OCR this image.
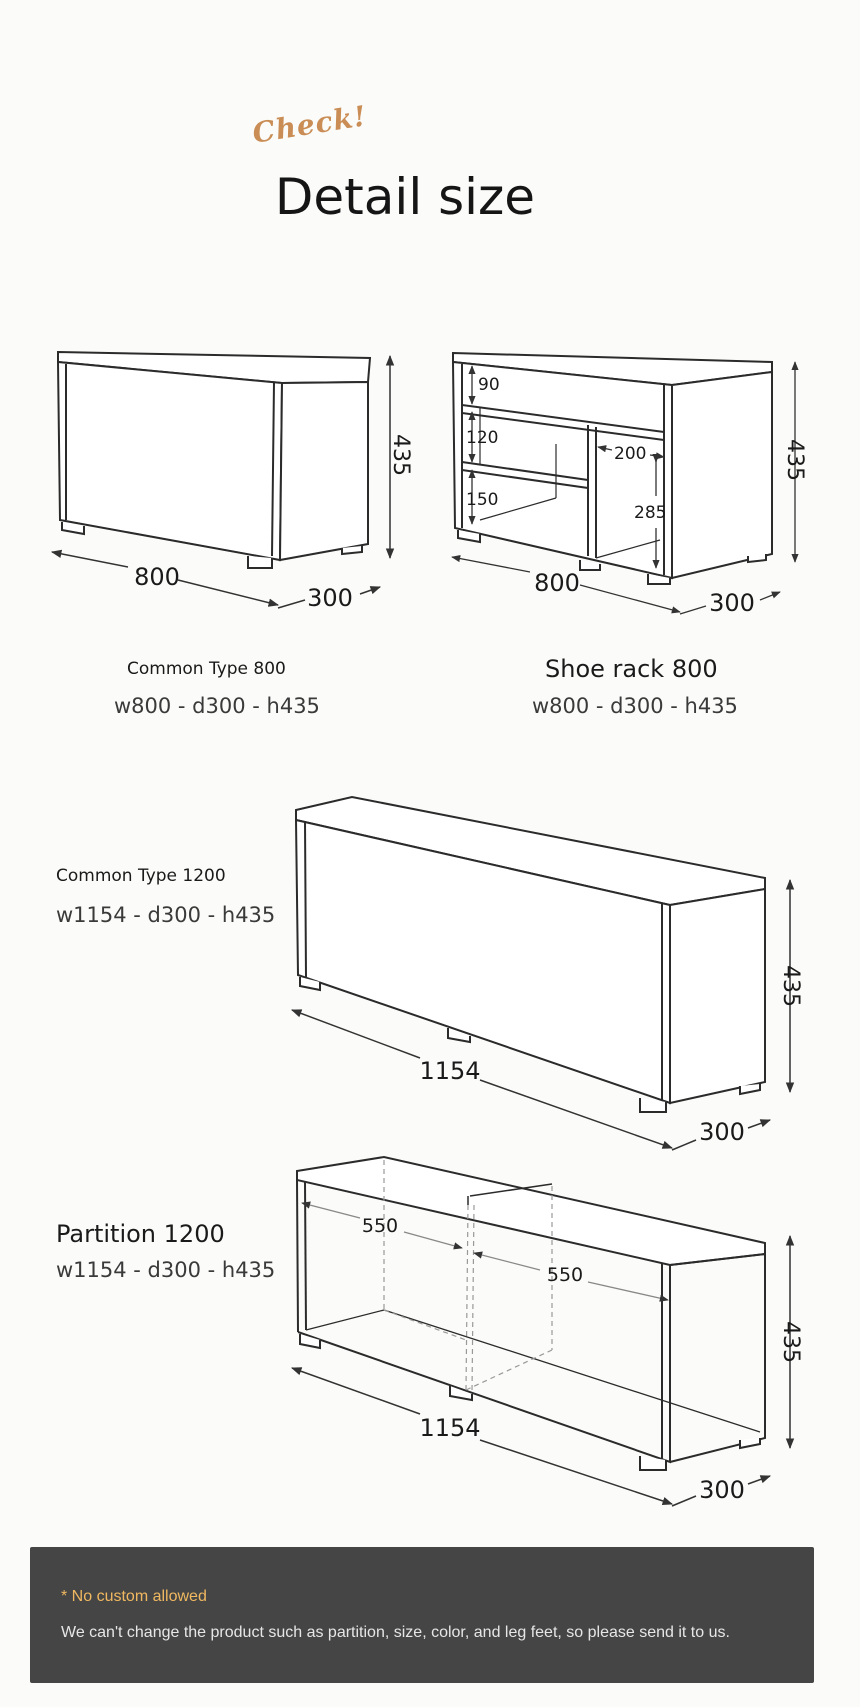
Check!
Detail size
435
800
300
90
120
150
200
285
435
800
300
435
1154
300
550
550
435
1154
300
Common Type 800
w800 - d300 - h435
Shoe rack 800
w800 - d300 - h435
Common Type 1200
w1154 - d300 - h435
Partition 1200
w1154 - d300 - h435
* No custom allowed
We can't change the product such as partition, size, color, and leg feet, so please send it to us.
